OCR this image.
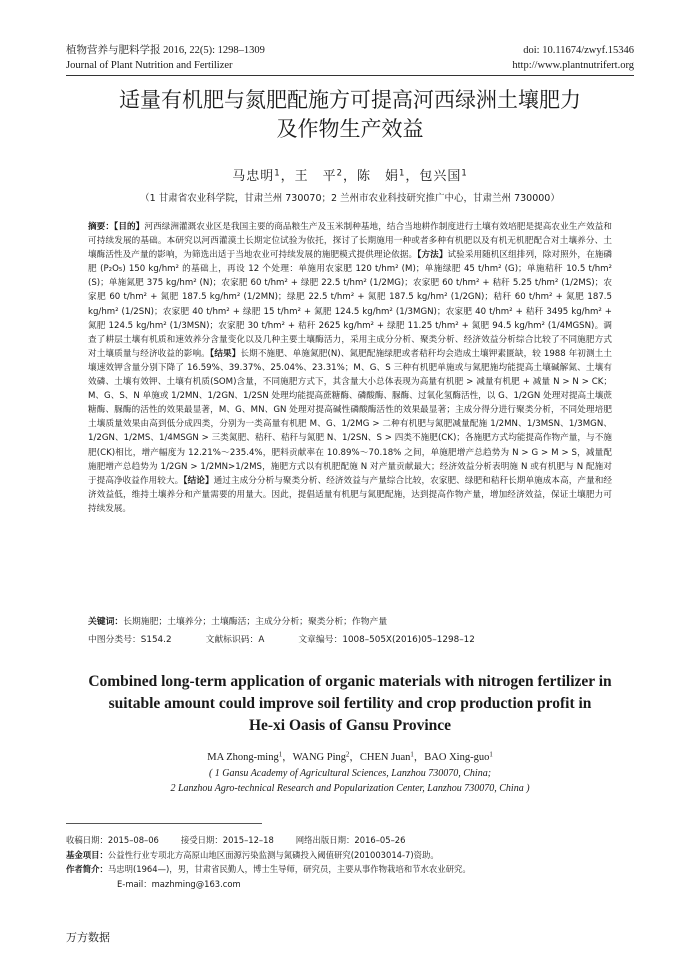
植物营养与肥料学报 2016, 22(5): 1298–1309
Journal of Plant Nutrition and Fertilizer
doi: 10.11674/zwyf.15346
http://www.plantnutrifert.org
适量有机肥与氮肥配施方可提高河西绿洲土壤肥力
及作物生产效益
马忠明$^1$，王　平$^2$，陈　娟$^1$，包兴国$^1$
（1 甘肃省农业科学院，甘肃兰州 730070；2 兰州市农业科技研究推广中心，甘肃兰州 730000）
摘要：【目的】河西绿洲灌溉农业区是我国主要的商品粮生产及玉米制种基地，结合当地耕作制度进行土壤有效培肥是提高农业生产效益和可持续发展的基础。本研究以河西灌漠土长期定位试验为依托，探讨了长期施用一种或者多种有机肥以及有机无机肥配合对土壤养分、土壤酶活性及产量的影响，为筛选出适于当地农业可持续发展的施肥模式提供理论依据。【方法】试验采用随机区组排列，除对照外，在施磷肥 (P₂O₅) 150 kg/hm² 的基础上，再设 12 个处理：单施用农家肥 120 t/hm² (M)；单施绿肥 45 t/hm² (G)；单施秸秆 10.5 t/hm² (S)；单施氮肥 375 kg/hm² (N)；农家肥 60 t/hm² + 绿肥 22.5 t/hm² (1/2MG)；农家肥 60 t/hm² + 秸秆 5.25 t/hm² (1/2MS)；农家肥 60 t/hm² + 氮肥 187.5 kg/hm² (1/2MN)；绿肥 22.5 t/hm² + 氮肥 187.5 kg/hm² (1/2GN)；秸秆 60 t/hm² + 氮肥 187.5 kg/hm² (1/2SN)；农家肥 40 t/hm² + 绿肥 15 t/hm² + 氮肥 124.5 kg/hm² (1/3MGN)；农家肥 40 t/hm² + 秸秆 3495 kg/hm² + 氮肥 124.5 kg/hm² (1/3MSN)；农家肥 30 t/hm² + 秸秆 2625 kg/hm² + 绿肥 11.25 t/hm² + 氮肥 94.5 kg/hm² (1/4MGSN)。调查了耕层土壤有机质和速效养分含量变化以及几种主要土壤酶活力，采用主成分分析、聚类分析、经济效益分析综合比较了不同施肥方式对土壤质量与经济收益的影响。【结果】长期不施肥、单施氮肥(N)、氮肥配施绿肥或者秸秆均会造成土壤钾素匮缺，较 1988 年初测土土壤速效钾含量分别下降了 16.59%、39.37%、25.04%、23.31%；M、G、S 三种有机肥单施或与氮肥施均能提高土壤碱解氮、土壤有效磷、土壤有效钾、土壤有机质(SOM)含量，不同施肥方式下，其含量大小总体表现为高量有机肥 > 减量有机肥 + 减量 N > N > CK；M、G、S、N 单施或 1/2MN、1/2GN、1/2SN 处理均能提高蔗糖酶、磷酸酶、脲酶、过氧化氢酶活性，以 G、1/2GN 处理对提高土壤蔗糖酶、脲酶的活性的效果最显著，M、G、MN、GN 处理对提高碱性磷酸酶活性的效果最显著；主成分得分进行聚类分析，不同处理培肥土壤质量效果由高到低分成四类，分别为一类高量有机肥 M、G、1/2MG > 二种有机肥与氮肥减量配施 1/2MN、1/3MSN、1/3MGN、1/2GN、1/2MS、1/4MSGN > 三类氮肥、秸秆、秸秆与氮肥 N、1/2SN、S > 四类不施肥(CK)；各施肥方式均能提高作物产量，与不施肥(CK)相比，增产幅度为 12.21%～235.4%，肥料贡献率在 10.89%～70.18% 之间，单施肥增产总趋势为 N > G > M > S，减量配施肥增产总趋势为 1/2GN > 1/2MN>1/2MS，施肥方式以有机肥配施 N 对产量贡献最大；经济效益分析表明施 N 或有机肥与 N 配施对于提高净收益作用较大。【结论】通过主成分分析与聚类分析、经济效益与产量综合比较，农家肥、绿肥和秸秆长期单施成本高，产量和经济效益低，维持土壤养分和产量需要的用量大。因此，提倡适量有机肥与氮肥配施，达到提高作物产量，增加经济效益，保证土壤肥力可持续发展。
关键词：长期施肥；土壤养分；土壤酶活；主成分分析；聚类分析；作物产量
中图分类号：S154.2	文献标识码：A	文章编号：1008–505X(2016)05–1298–12
Combined long-term application of organic materials with nitrogen fertilizer in
suitable amount could improve soil fertility and crop production profit in
He-xi Oasis of Gansu Province
MA Zhong-ming$^1$，WANG Ping$^2$，CHEN Juan$^1$，BAO Xing-guo$^1$
( 1 Gansu Academy of Agricultural Sciences, Lanzhou 730070, China;
2 Lanzhou Agro-technical Research and Popularization Center, Lanzhou 730070, China )
收稿日期：2015–08–06	接受日期：2015–12–18	网络出版日期：2016–05–26
基金项目：公益性行业专项北方高原山地区面源污染监测与氮磷投入阈值研究(201003014-7)资助。
作者简介：马忠明(1964—)，男，甘肃省民勤人，博士生导师，研究员，主要从事作物栽培和节水农业研究。
E-mail：mazhming@163.com
万方数据
